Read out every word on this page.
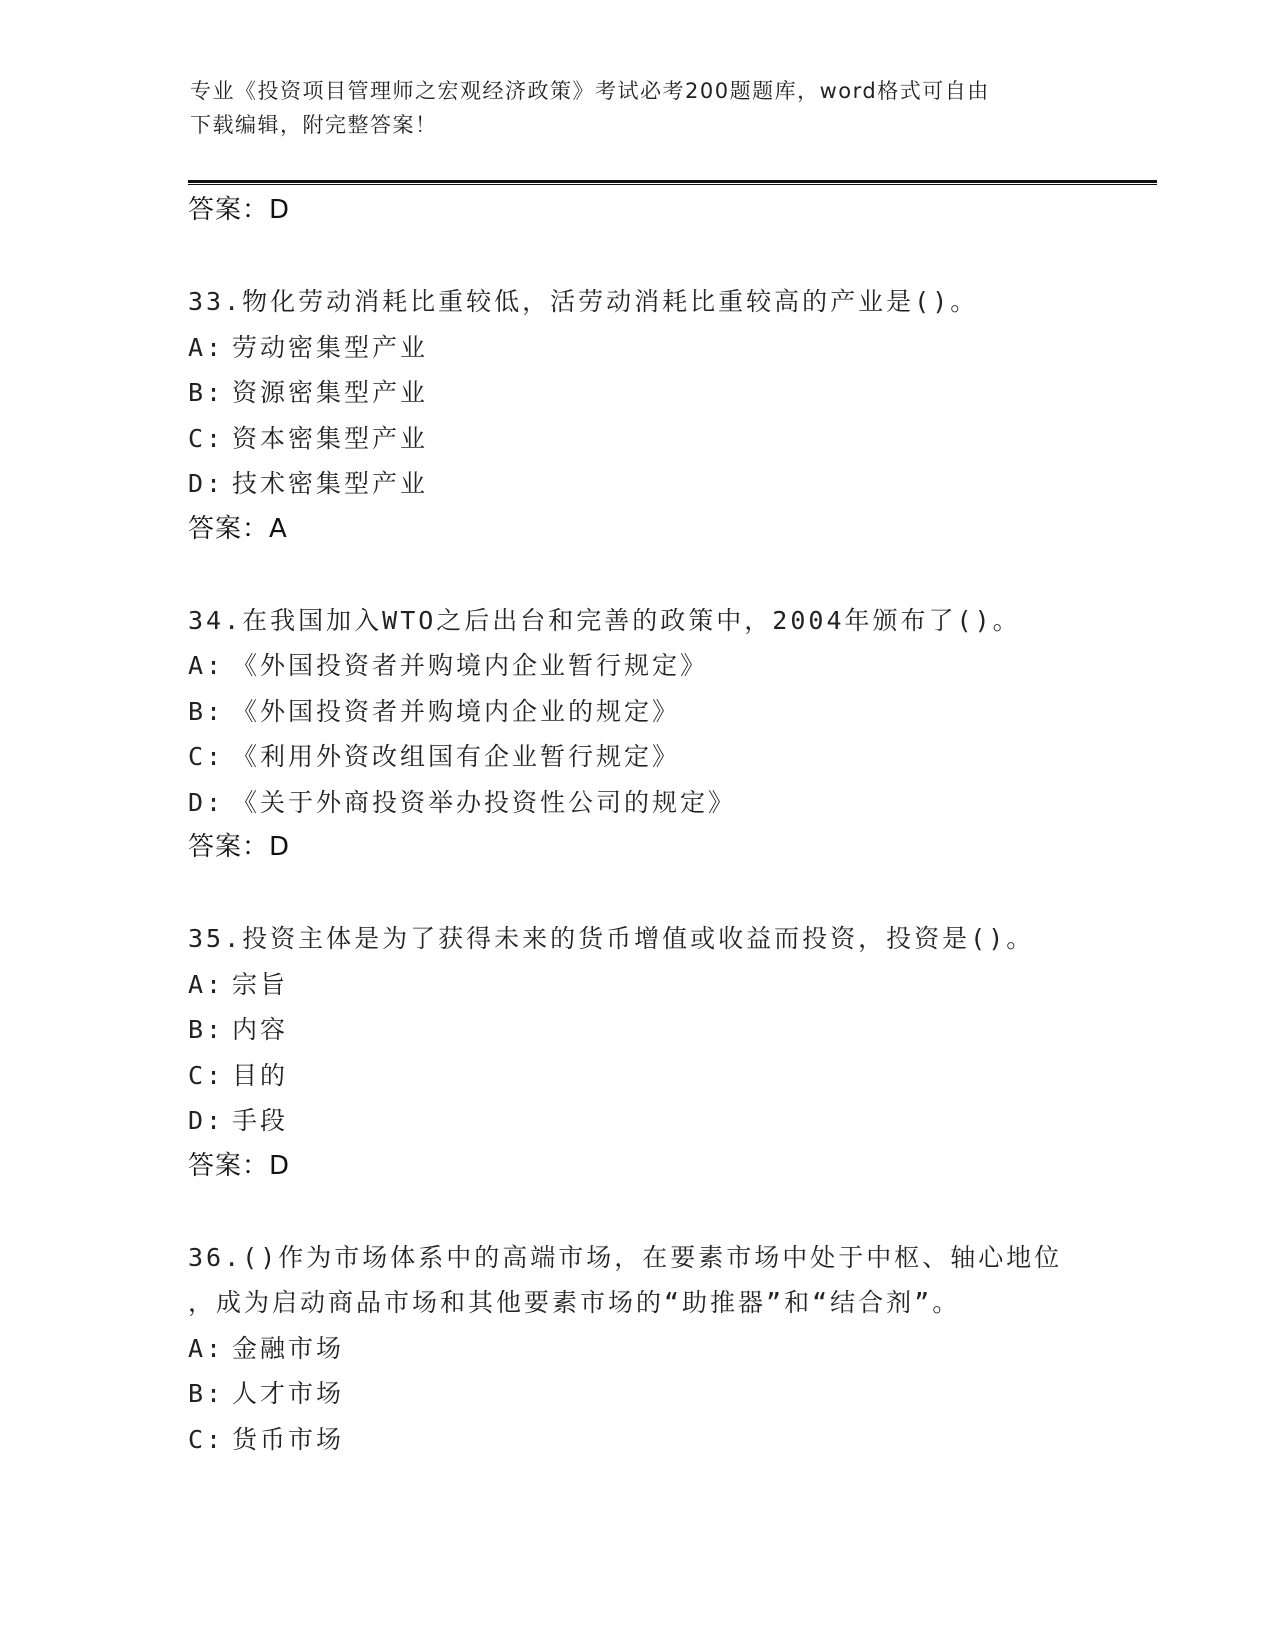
专业《投资项目管理师之宏观经济政策》考试必考200题题库，word格式可自由
下载编辑，附完整答案！
答案：D
33.物化劳动消耗比重较低，活劳动消耗比重较高的产业是()。
A: 劳动密集型产业
B: 资源密集型产业
C: 资本密集型产业
D: 技术密集型产业
答案：A
34.在我国加入WTO之后出台和完善的政策中，2004年颁布了()。
A: 《外国投资者并购境内企业暂行规定》
B: 《外国投资者并购境内企业的规定》
C: 《利用外资改组国有企业暂行规定》
D: 《关于外商投资举办投资性公司的规定》
答案：D
35.投资主体是为了获得未来的货币增值或收益而投资，投资是()。
A: 宗旨
B: 内容
C: 目的
D: 手段
答案：D
36.()作为市场体系中的高端市场，在要素市场中处于中枢、轴心地位
，成为启动商品市场和其他要素市场的“助推器”和“结合剂”。
A: 金融市场
B: 人才市场
C: 货币市场
